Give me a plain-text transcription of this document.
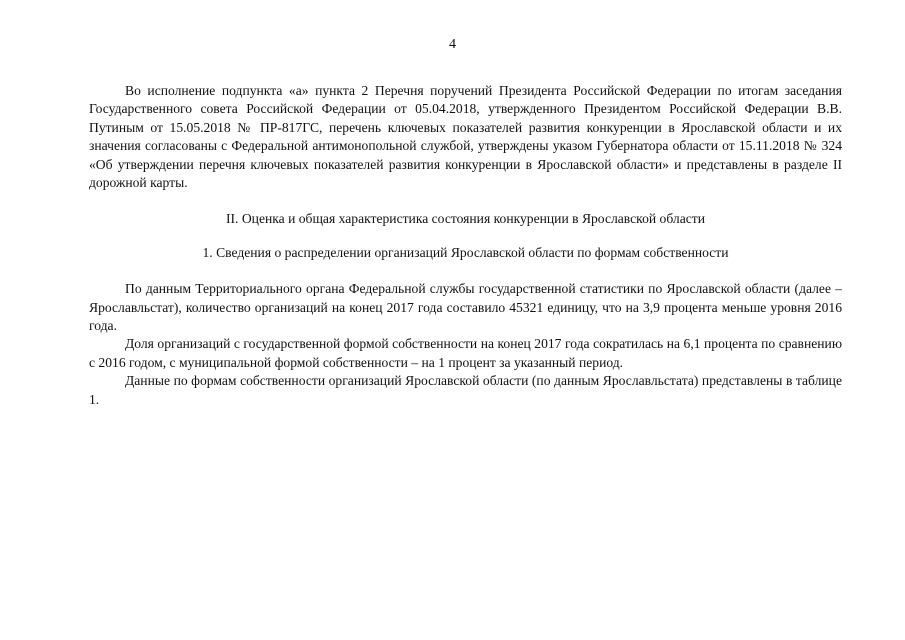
4

Во исполнение подпункта «а» пункта 2 Перечня поручений Президента Российской Федерации по итогам заседания Государственного совета Российской Федерации от 05.04.2018, утвержденного Президентом Российской Федерации В.В. Путиным от 15.05.2018 № ПР-817ГС, перечень ключевых показателей развития конкуренции в Ярославской области и их значения согласованы с Федеральной антимонопольной службой, утверждены указом Губернатора области от 15.11.2018 № 324 «Об утверждении перечня ключевых показателей развития конкуренции в Ярославской области» и представлены в разделе II дорожной карты.

II. Оценка и общая характеристика состояния конкуренции в Ярославской области

1. Сведения о распределении организаций Ярославской области по формам собственности

По данным Территориального органа Федеральной службы государственной статистики по Ярославской области (далее – Ярославльстат), количество организаций на конец 2017 года составило 45321 единицу, что на 3,9 процента меньше уровня 2016 года.

Доля организаций с государственной формой собственности на конец 2017 года сократилась на 6,1 процента по сравнению с 2016 годом, с муниципальной формой собственности – на 1 процент за указанный период.

Данные по формам собственности организаций Ярославской области (по данным Ярославльстата) представлены в таблице 1.
